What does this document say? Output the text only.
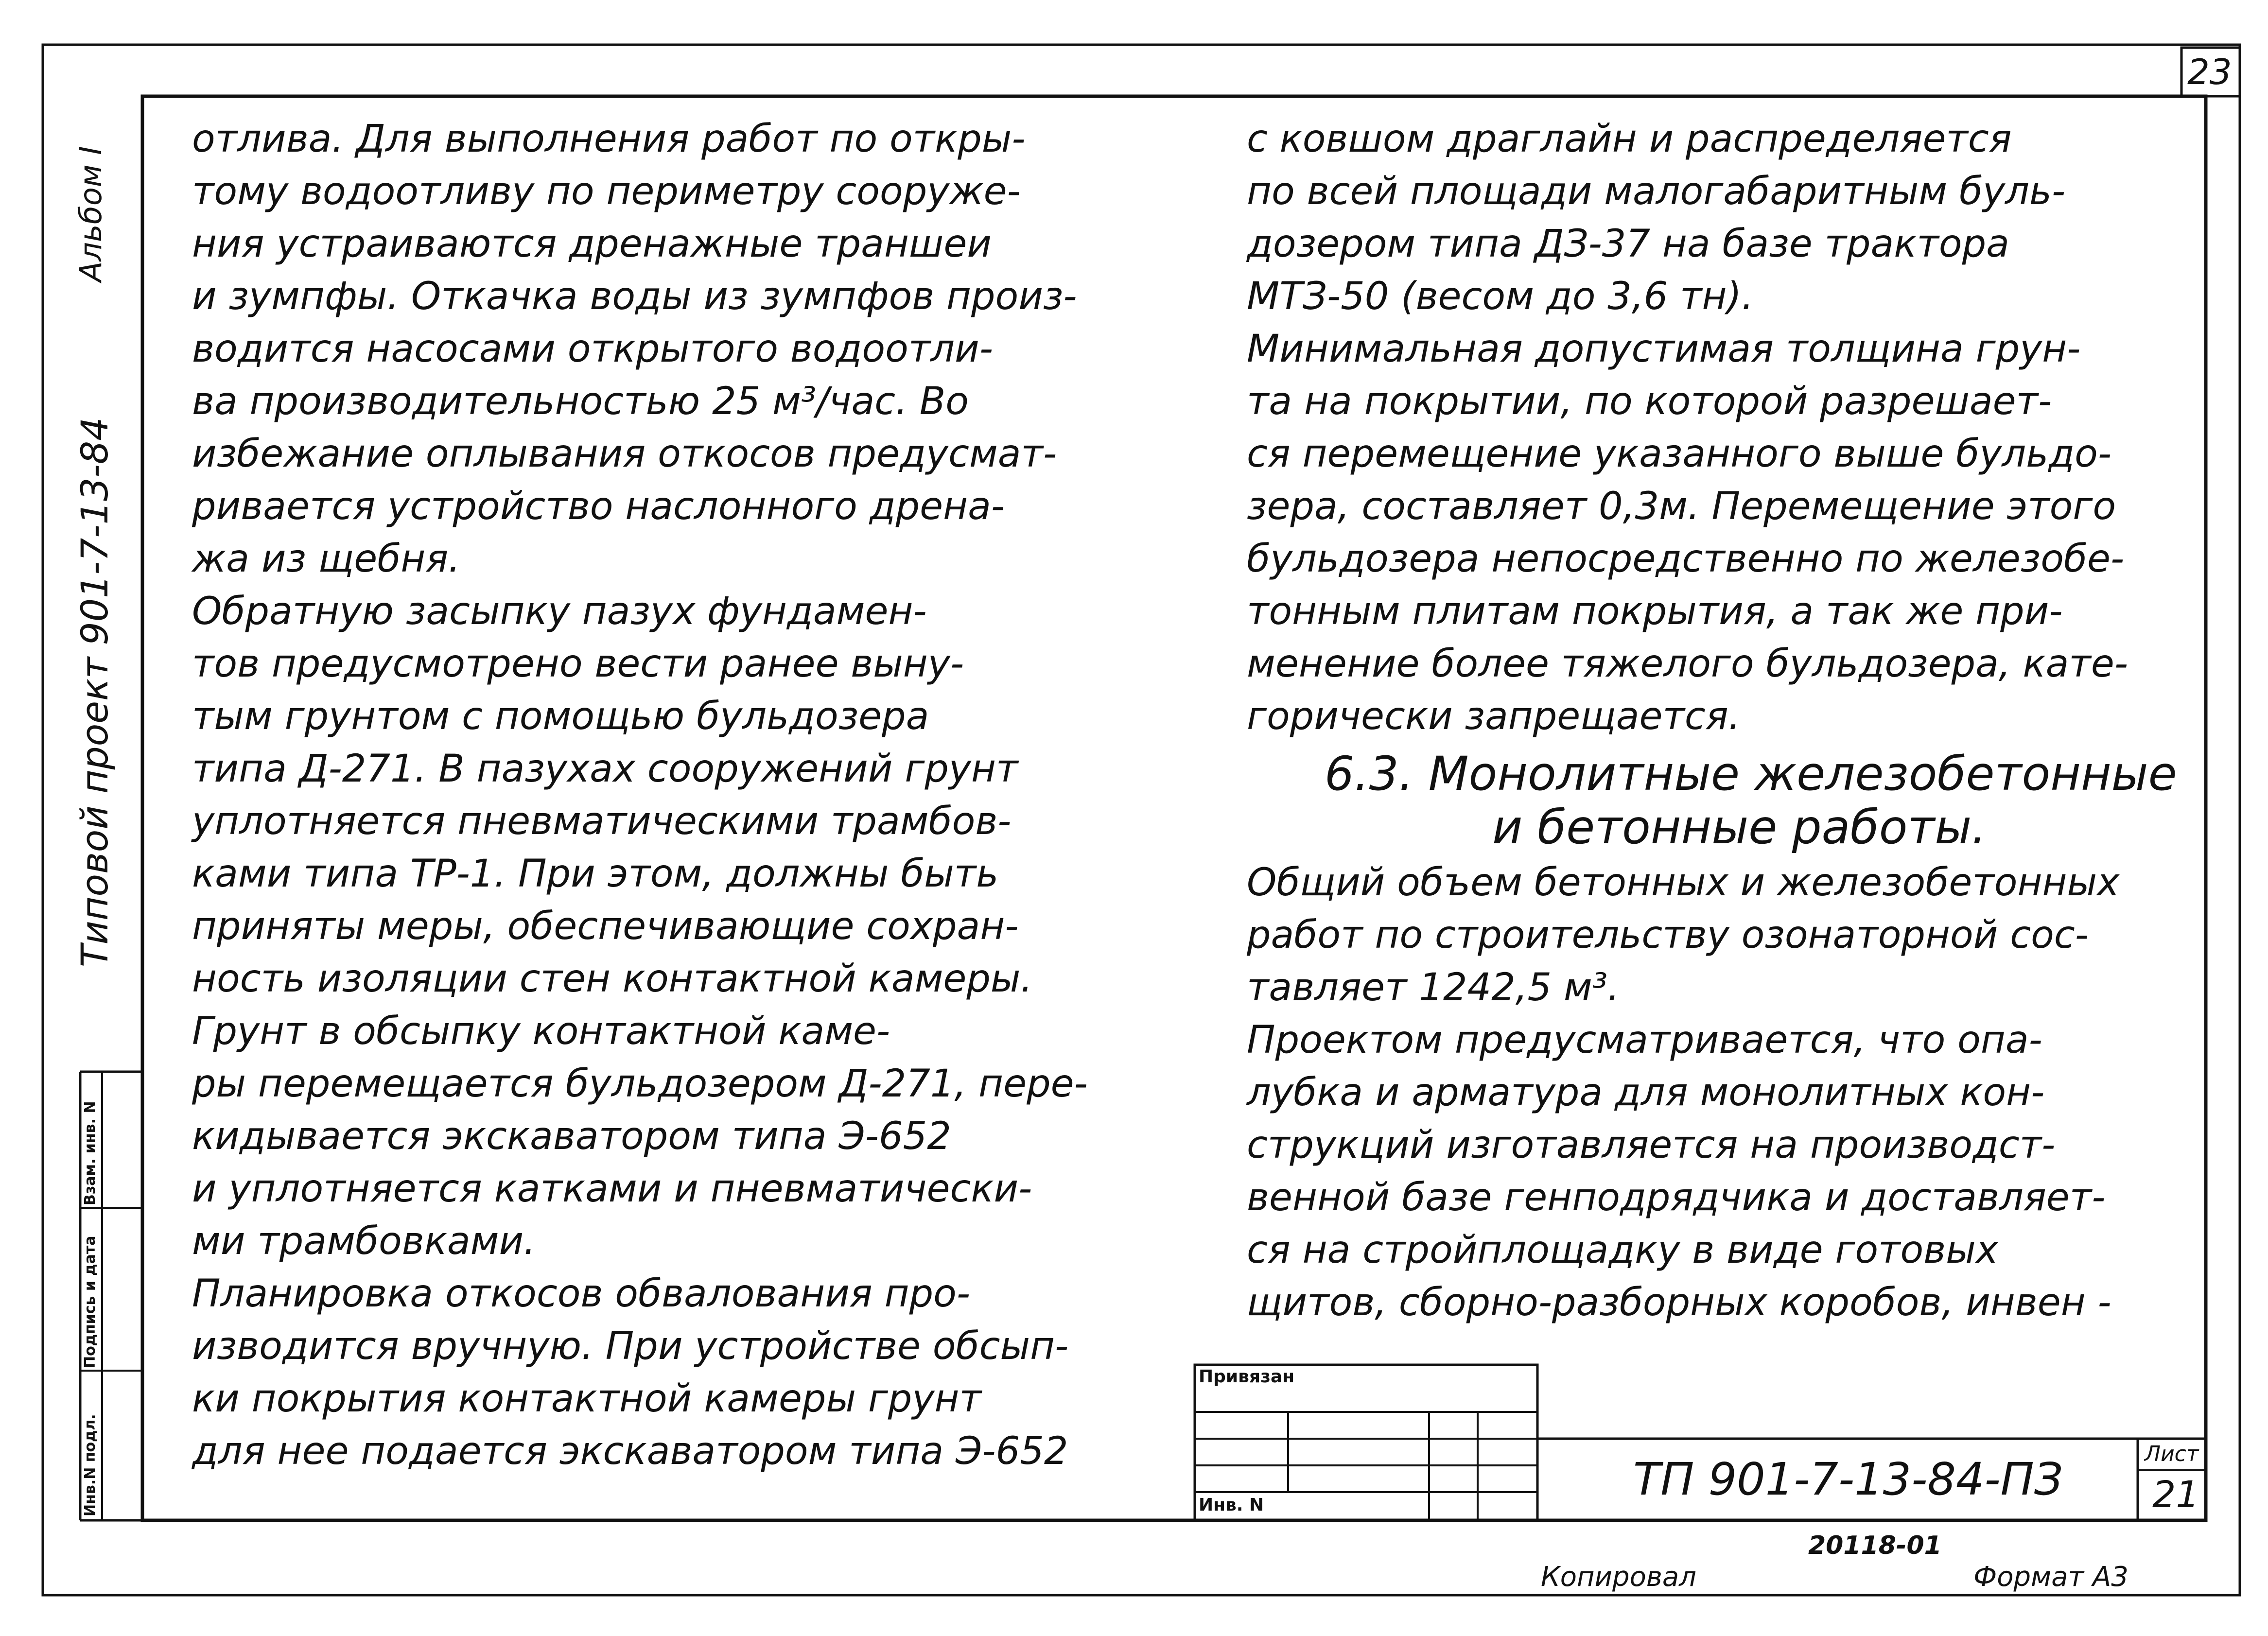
23
Альбом I
Типовой проект 901-7-13-84
Инв.N подл.
Подпись и дата
Взам. инв. N
отлива. Для выполнения работ по откры-
тому водоотливу по периметру сооруже-
ния устраиваются дренажные траншеи
и зумпфы. Откачка воды из зумпфов произ-
водится насосами открытого водоотли-
ва производительностью 25 м³/час. Во
избежание оплывания откосов предусмат-
ривается устройство наслонного дрена-
жа из щебня.
Обратную засыпку пазух фундамен-
тов предусмотрено вести ранее выну-
тым грунтом с помощью бульдозера
типа Д-271. В пазухах сооружений грунт
уплотняется пневматическими трамбов-
ками типа ТР-1. При этом, должны быть
приняты меры, обеспечивающие сохран-
ность изоляции стен контактной камеры.
Грунт в обсыпку контактной каме-
ры перемещается бульдозером Д-271, пере-
кидывается экскаватором типа Э-652
и уплотняется катками и пневматически-
ми трамбовками.
Планировка откосов обвалования про-
изводится вручную. При устройстве обсып-
ки покрытия контактной камеры грунт
для нее подается экскаватором типа Э-652
с ковшом драглайн и распределяется
по всей площади малогабаритным буль-
дозером типа ДЗ-37 на базе трактора
МТЗ-50 (весом до 3,6 тн).
Минимальная допустимая толщина грун-
та на покрытии, по которой разрешает-
ся перемещение указанного выше бульдо-
зера, составляет 0,3м. Перемещение этого
бульдозера непосредственно по железобе-
тонным плитам покрытия, а так же при-
менение более тяжелого бульдозера, кате-
горически запрещается.
6.3. Монолитные железобетонные
и бетонные работы.
Общий объем бетонных и железобетонных
работ по строительству озонаторной сос-
тавляет 1242,5 м³.
Проектом предусматривается, что опа-
лубка и арматура для монолитных кон-
струкций изготавляется на производст-
венной базе генподрядчика и доставляет-
ся на стройплощадку в виде готовых
щитов, сборно-разборных коробов, инвен -
Привязан
Инв. N	ТП 901-7-13-84-ПЗ	Лист
21
20118-01
Копировал	Формат А3
